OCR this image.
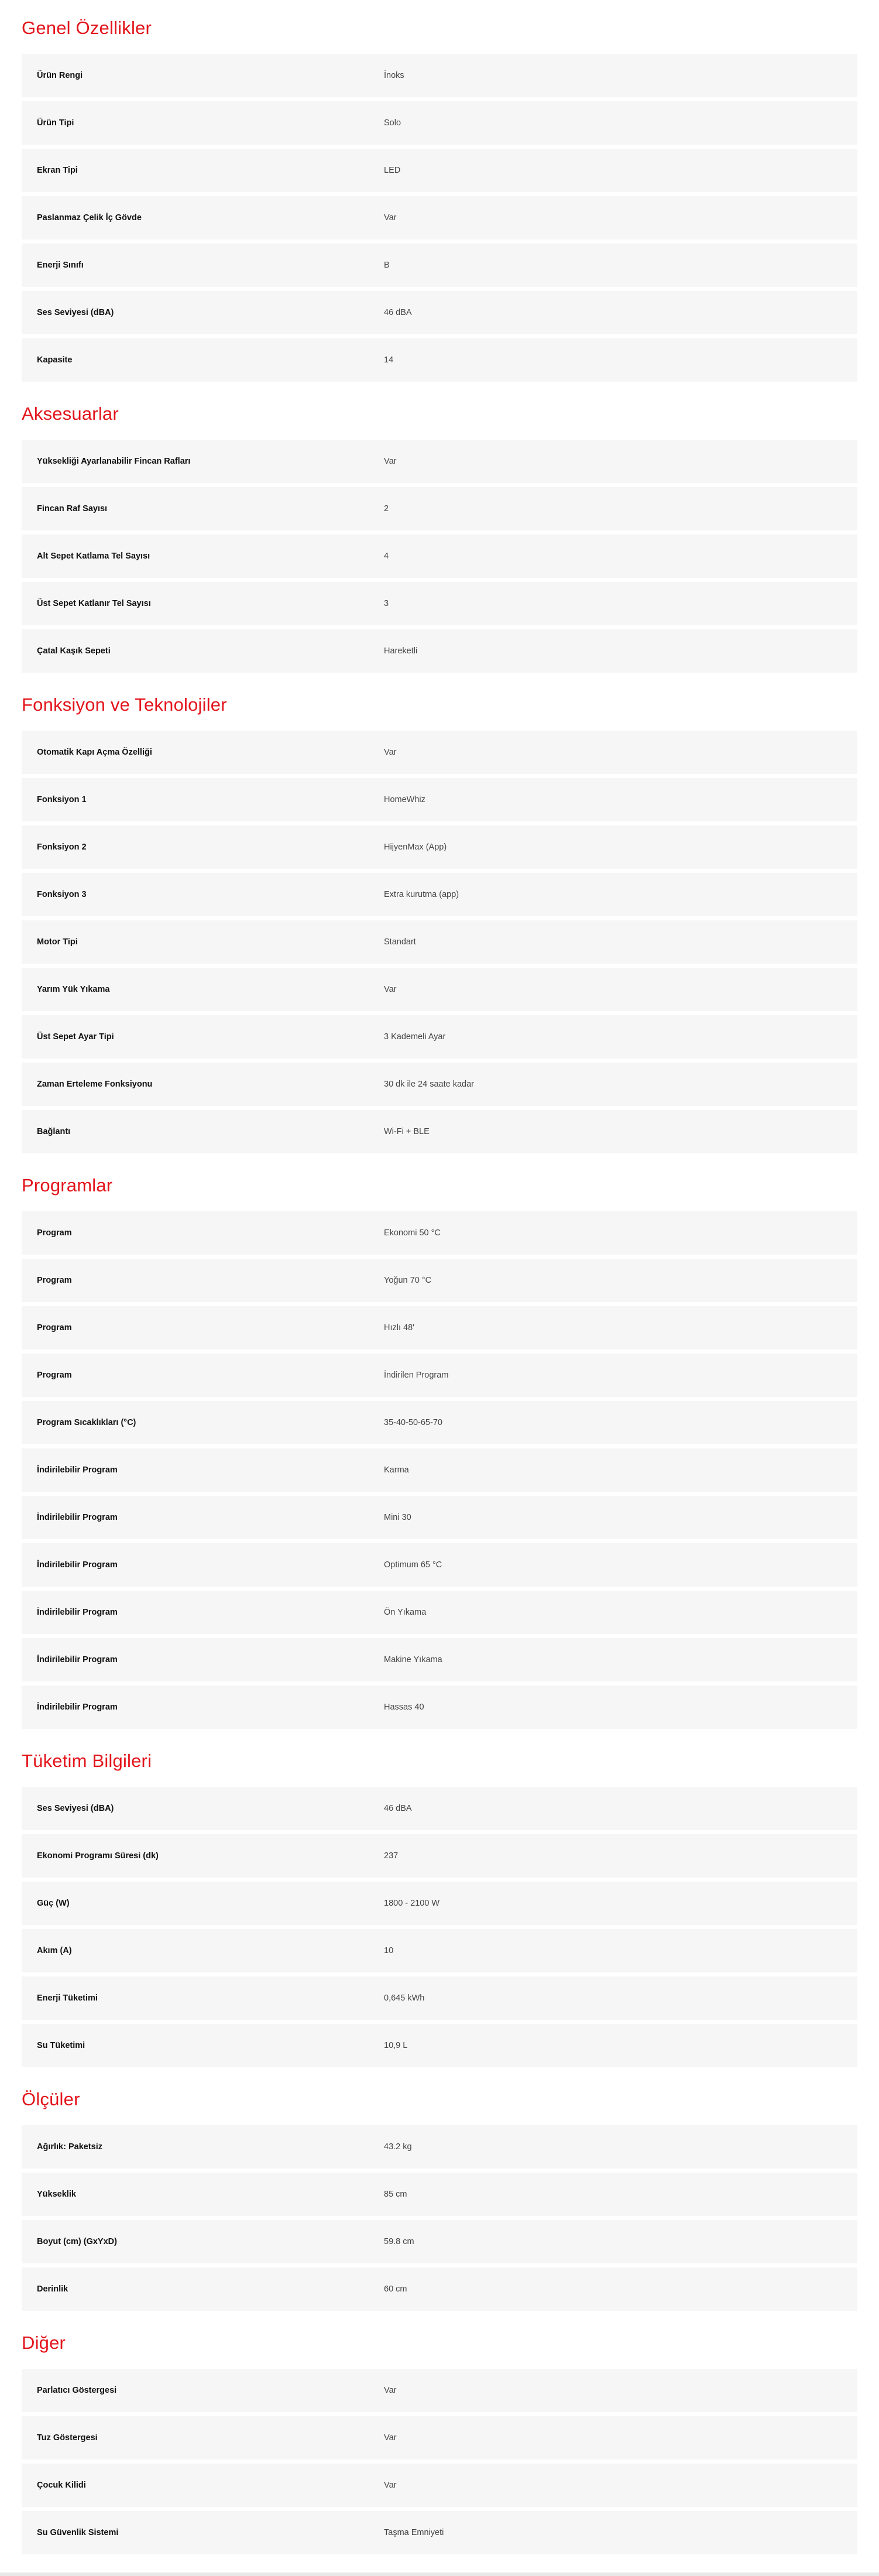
Genel Özellikler
Ürün Rengi	İnoks
Ürün Tipi	Solo
Ekran Tipi	LED
Paslanmaz Çelik İç Gövde	Var
Enerji Sınıfı	B
Ses Seviyesi (dBA)	46 dBA
Kapasite	14
Aksesuarlar
Yüksekliği Ayarlanabilir Fincan Rafları	Var
Fincan Raf Sayısı	2
Alt Sepet Katlama Tel Sayısı	4
Üst Sepet Katlanır Tel Sayısı	3
Çatal Kaşık Sepeti	Hareketli
Fonksiyon ve Teknolojiler
Otomatik Kapı Açma Özelliği	Var
Fonksiyon 1	HomeWhiz
Fonksiyon 2	HijyenMax (App)
Fonksiyon 3	Extra kurutma (app)
Motor Tipi	Standart
Yarım Yük Yıkama	Var
Üst Sepet Ayar Tipi	3 Kademeli Ayar
Zaman Erteleme Fonksiyonu	30 dk ile 24 saate kadar
Bağlantı	Wi-Fi + BLE
Programlar
Program	Ekonomi 50 °C
Program	Yoğun 70 °C
Program	Hızlı 48'
Program	İndirilen Program
Program Sıcaklıkları (°C)	35-40-50-65-70
İndirilebilir Program	Karma
İndirilebilir Program	Mini 30
İndirilebilir Program	Optimum 65 °C
İndirilebilir Program	Ön Yıkama
İndirilebilir Program	Makine Yıkama
İndirilebilir Program	Hassas 40
Tüketim Bilgileri
Ses Seviyesi (dBA)	46 dBA
Ekonomi Programı Süresi (dk)	237
Güç (W)	1800 - 2100 W
Akım (A)	10
Enerji Tüketimi	0,645 kWh
Su Tüketimi	10,9 L
Ölçüler
Ağırlık: Paketsiz	43.2 kg
Yükseklik	85 cm
Boyut (cm) (GxYxD)	59.8 cm
Derinlik	60 cm
Diğer
Parlatıcı Göstergesi	Var
Tuz Göstergesi	Var
Çocuk Kilidi	Var
Su Güvenlik Sistemi	Taşma Emniyeti
